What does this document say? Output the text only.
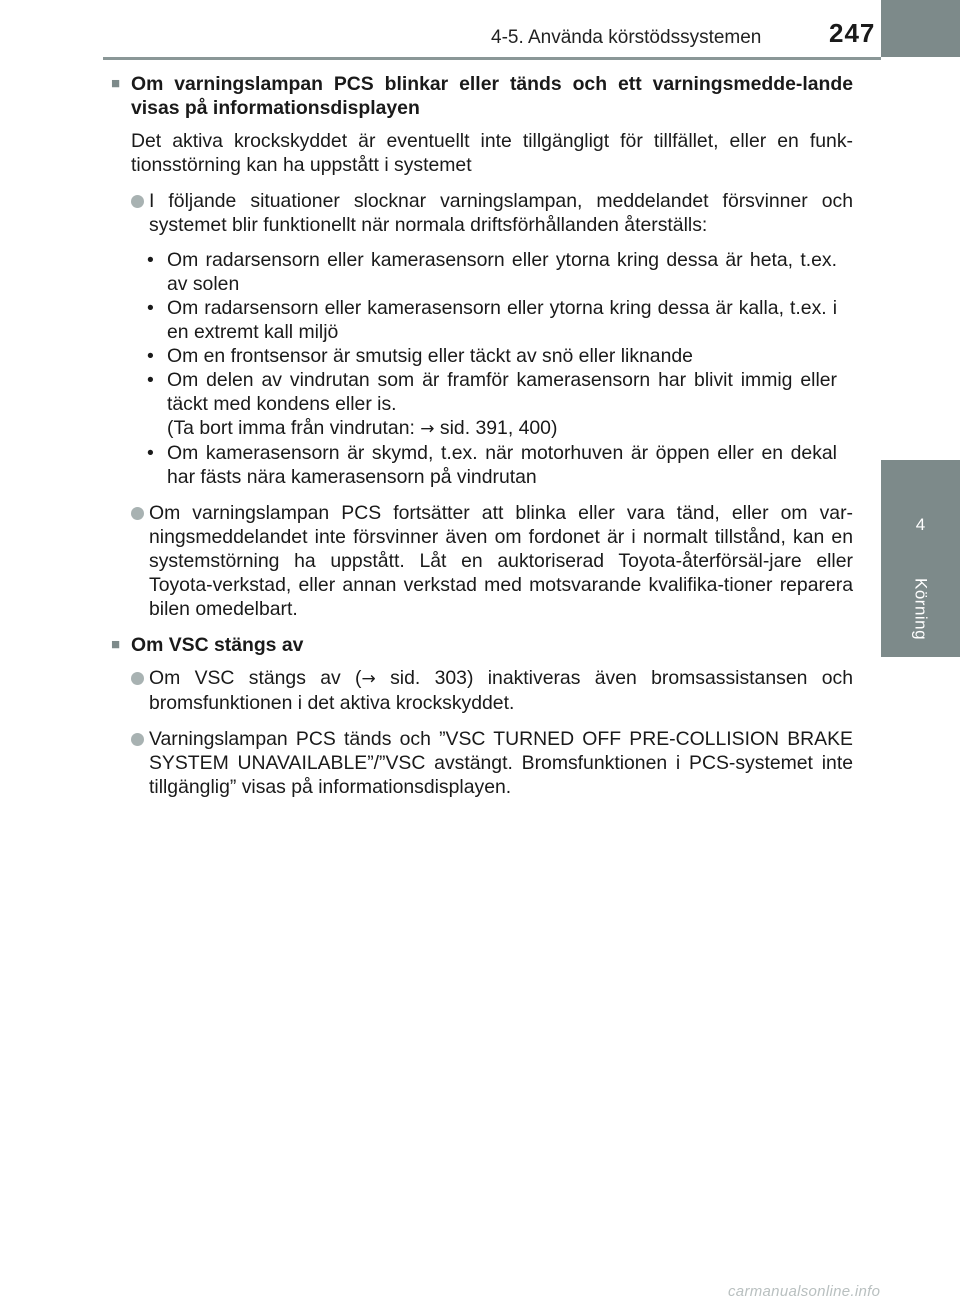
4-5. Använda körstödssystemen	247
4
Körning
■ Om varningslampan PCS blinkar eller tänds och ett varningsmedde-lande visas på informationsdisplayen

Det aktiva krockskyddet är eventuellt inte tillgängligt för tillfället, eller en funk-tionsstörning kan ha uppstått i systemet

I följande situationer slocknar varningslampan, meddelandet försvinner och systemet blir funktionellt när normala driftsförhållanden återställs:

• Om radarsensorn eller kamerasensorn eller ytorna kring dessa är heta, t.ex. av solen
• Om radarsensorn eller kamerasensorn eller ytorna kring dessa är kalla, t.ex. i en extremt kall miljö
• Om en frontsensor är smutsig eller täckt av snö eller liknande
• Om delen av vindrutan som är framför kamerasensorn har blivit immig eller täckt med kondens eller is.
(Ta bort imma från vindrutan: → sid. 391, 400)
• Om kamerasensorn är skymd, t.ex. när motorhuven är öppen eller en dekal har fästs nära kamerasensorn på vindrutan

Om varningslampan PCS fortsätter att blinka eller vara tänd, eller om var-ningsmeddelandet inte försvinner även om fordonet är i normalt tillstånd, kan en systemstörning ha uppstått. Låt en auktoriserad Toyota-återförsäl-jare eller Toyota-verkstad, eller annan verkstad med motsvarande kvalifika-tioner reparera bilen omedelbart.

■ Om VSC stängs av

Om VSC stängs av (→ sid. 303) inaktiveras även bromsassistansen och bromsfunktionen i det aktiva krockskyddet.

Varningslampan PCS tänds och ”VSC TURNED OFF PRE-COLLISION BRAKE SYSTEM UNAVAILABLE”/”VSC avstängt. Bromsfunktionen i PCS-systemet inte tillgänglig” visas på informationsdisplayen.

carmanualsonline.info
